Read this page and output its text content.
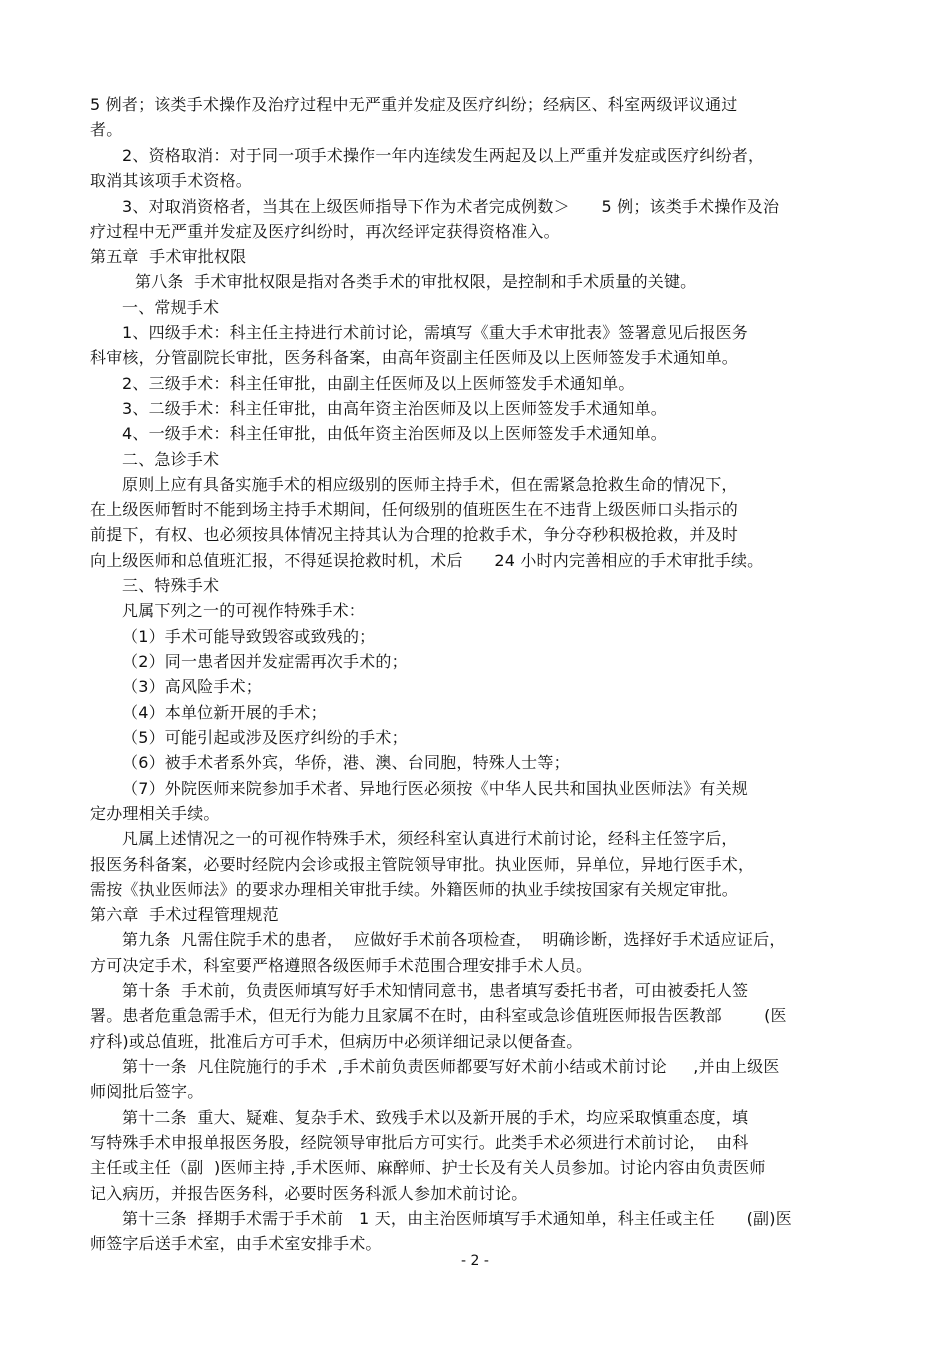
5 例者；该类手术操作及治疗过程中无严重并发症及医疗纠纷；经病区、科室两级评议通过
者。
2、资格取消：对于同一项手术操作一年内连续发生两起及以上严重并发症或医疗纠纷者，
取消其该项手术资格。
3、对取消资格者，当其在上级医师指导下作为术者完成例数＞      5 例；该类手术操作及治
疗过程中无严重并发症及医疗纠纷时，再次经评定获得资格准入。
第五章  手术审批权限
第八条  手术审批权限是指对各类手术的审批权限，是控制和手术质量的关键。
一、常规手术
1、四级手术：科主任主持进行术前讨论，需填写《重大手术审批表》签署意见后报医务
科审核，分管副院长审批，医务科备案，由高年资副主任医师及以上医师签发手术通知单。
2、三级手术：科主任审批，由副主任医师及以上医师签发手术通知单。
3、二级手术：科主任审批，由高年资主治医师及以上医师签发手术通知单。
4、一级手术：科主任审批，由低年资主治医师及以上医师签发手术通知单。
二、急诊手术
原则上应有具备实施手术的相应级别的医师主持手术，但在需紧急抢救生命的情况下，
在上级医师暂时不能到场主持手术期间，任何级别的值班医生在不违背上级医师口头指示的
前提下，有权、也必须按具体情况主持其认为合理的抢救手术，争分夺秒积极抢救，并及时
向上级医师和总值班汇报，不得延误抢救时机，术后      24 小时内完善相应的手术审批手续。
三、特殊手术
凡属下列之一的可视作特殊手术：
（1）手术可能导致毁容或致残的；
（2）同一患者因并发症需再次手术的；
（3）高风险手术；
（4）本单位新开展的手术；
（5）可能引起或涉及医疗纠纷的手术；
（6）被手术者系外宾，华侨，港、澳、台同胞，特殊人士等；
（7）外院医师来院参加手术者、异地行医必须按《中华人民共和国执业医师法》有关规
定办理相关手续。
凡属上述情况之一的可视作特殊手术，须经科室认真进行术前讨论，经科主任签字后，
报医务科备案，必要时经院内会诊或报主管院领导审批。执业医师，异单位，异地行医手术，
需按《执业医师法》的要求办理相关审批手续。外籍医师的执业手续按国家有关规定审批。
第六章  手术过程管理规范
第九条  凡需住院手术的患者，  应做好手术前各项检查，  明确诊断，选择好手术适应证后，
方可决定手术，科室要严格遵照各级医师手术范围合理安排手术人员。
第十条  手术前，负责医师填写好手术知情同意书，患者填写委托书者，可由被委托人签
署。患者危重急需手术，但无行为能力且家属不在时，由科室或急诊值班医师报告医教部        (医
疗科)或总值班，批准后方可手术，但病历中必须详细记录以便备查。
第十一条  凡住院施行的手术  ,手术前负责医师都要写好术前小结或术前讨论     ,并由上级医
师阅批后签字。
第十二条  重大、疑难、复杂手术、致残手术以及新开展的手术，均应采取慎重态度，填
写特殊手术申报单报医务股，经院领导审批后方可实行。此类手术必须进行术前讨论，  由科
主任或主任（副  )医师主持 ,手术医师、麻醉师、护士长及有关人员参加。讨论内容由负责医师
记入病历，并报告医务科，必要时医务科派人参加术前讨论。
第十三条  择期手术需于手术前   1 天，由主治医师填写手术通知单，科主任或主任      (副)医
师签字后送手术室，由手术室安排手术。
- 2 -
